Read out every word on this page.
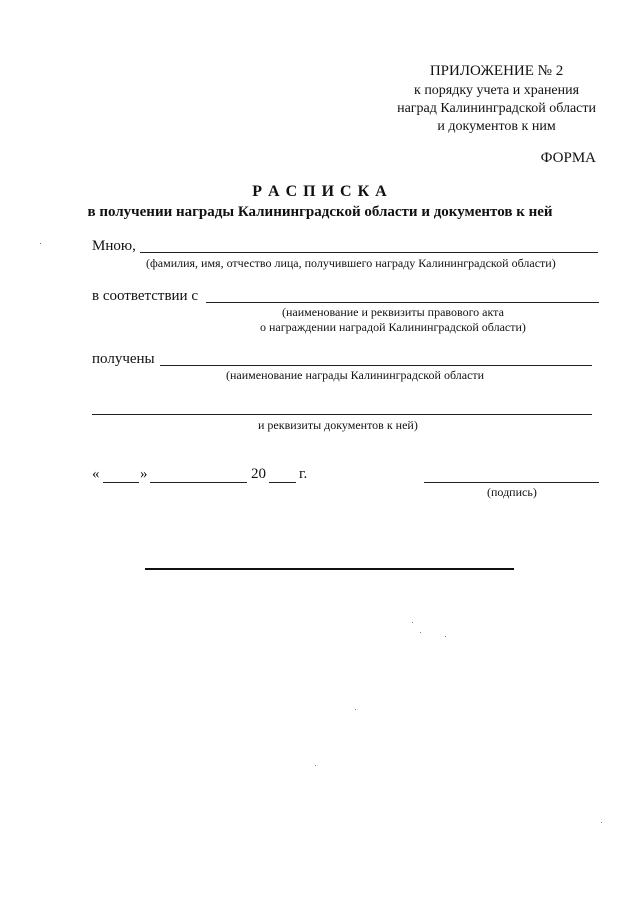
ПРИЛОЖЕНИЕ № 2
к порядку учета и хранения
наград Калининградской области
и документов к ним
ФОРМА
Р А С П И С К А
в получении награды Калининградской области и документов к ней
Мною,
(фамилия, имя, отчество лица, получившего награду Калининградской области)
в соответствии с
(наименование и реквизиты правового акта
о награждении наградой Калининградской области)
получены
(наименование награды Калининградской области
и реквизиты документов к ней)
«	»	20 г.
(подпись)
